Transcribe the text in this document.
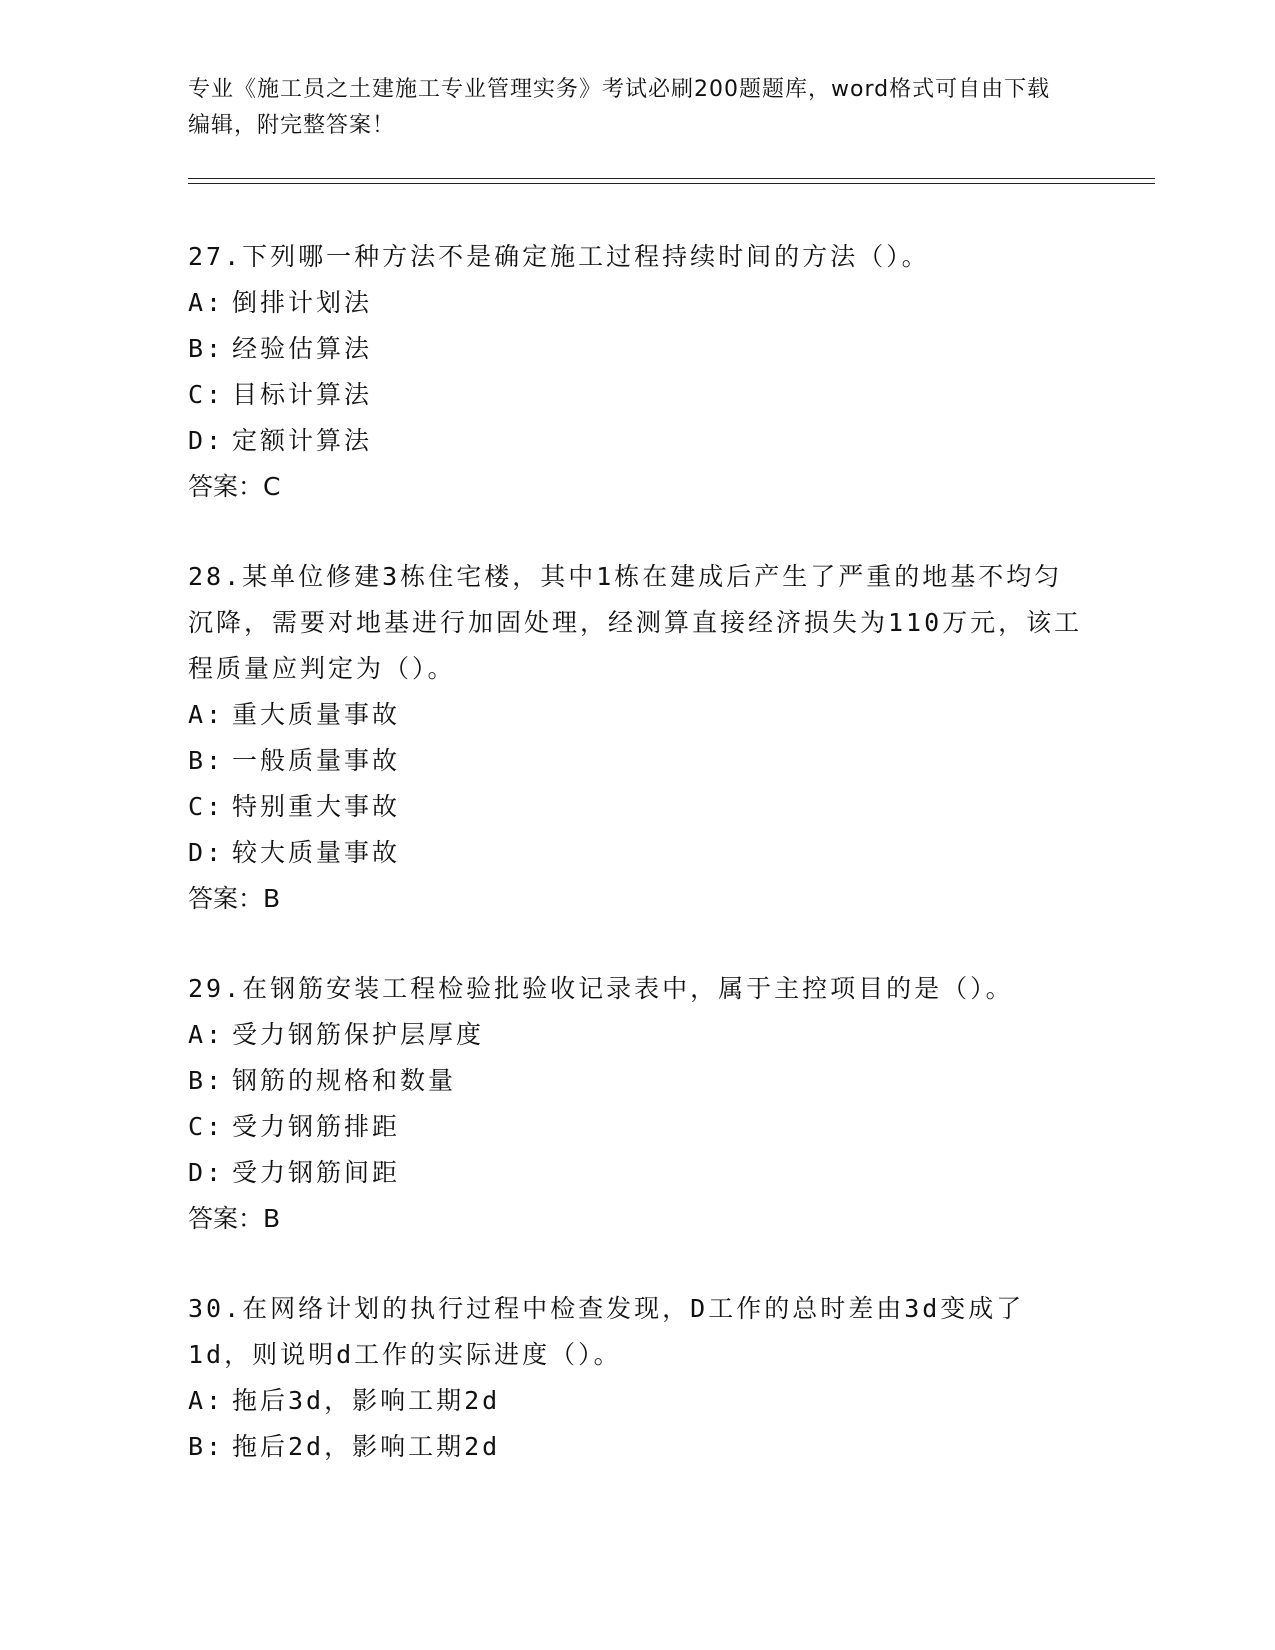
专业《施工员之土建施工专业管理实务》考试必刷200题题库，word格式可自由下载编辑，附完整答案！

27.下列哪一种方法不是确定施工过程持续时间的方法（）。

A: 倒排计划法

B: 经验估算法

C: 目标计算法

D: 定额计算法

答案：C

28.某单位修建3栋住宅楼，其中1栋在建成后产生了严重的地基不均匀沉降，需要对地基进行加固处理，经测算直接经济损失为110万元，该工程质量应判定为（）。

A: 重大质量事故

B: 一般质量事故

C: 特别重大事故

D: 较大质量事故

答案：B

29.在钢筋安装工程检验批验收记录表中，属于主控项目的是（）。

A: 受力钢筋保护层厚度

B: 钢筋的规格和数量

C: 受力钢筋排距

D: 受力钢筋间距

答案：B

30.在网络计划的执行过程中检查发现，D工作的总时差由3d变成了1d，则说明d工作的实际进度（）。

A: 拖后3d，影响工期2d

B: 拖后2d，影响工期2d
